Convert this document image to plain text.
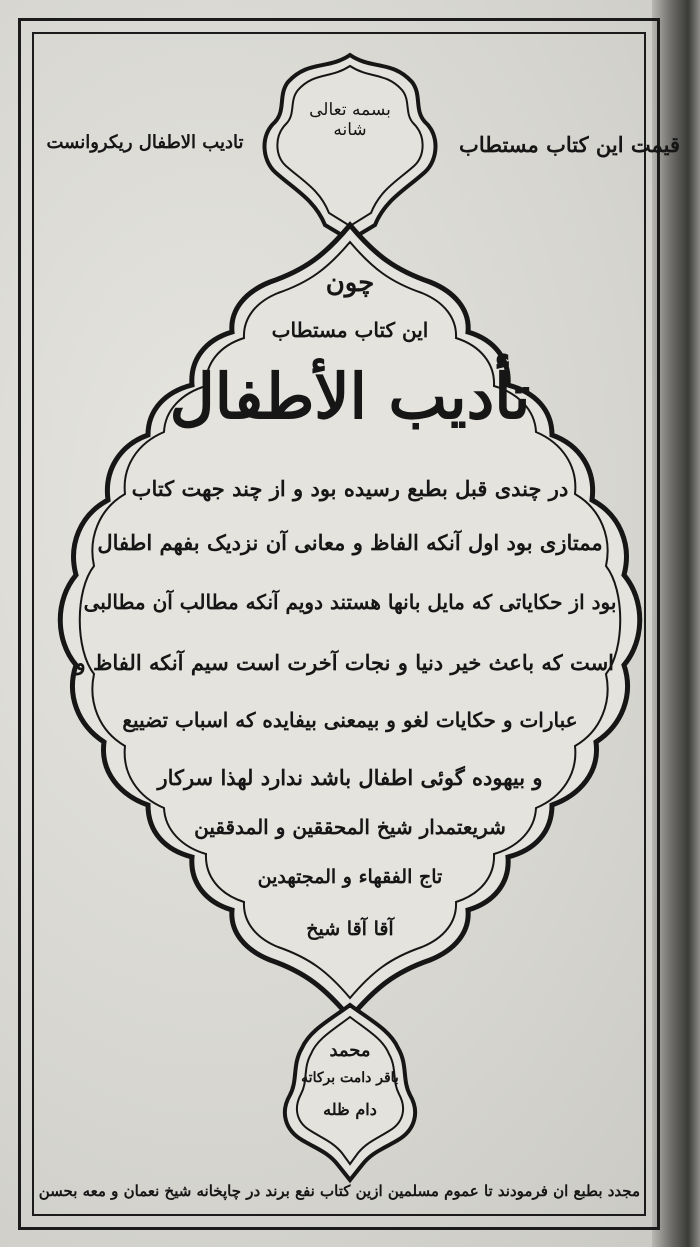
قیمت این کتاب مستطاب
تادیب الاطفال ریکروانست
بسمه تعالی شانه
چون
این کتاب مستطاب
تأدیب الأطفال
در چندی قبل بطبع رسیده بود و از چند جهت کتاب
ممتازی بود اول آنکه الفاظ و معانی آن نزدیک بفهم اطفال
بود از حکایاتی که مایل بانها هستند دویم آنکه مطالب آن مطالبی
است که باعث خیر دنیا و نجات آخرت است سیم آنکه الفاظ و
عبارات و حکایات لغو و بیمعنی بیفایده که اسباب تضییع
و بیهوده گوئی اطفال باشد ندارد لهذا سرکار
شریعتمدار شیخ المحققین و المدققین
تاج الفقهاء و المجتهدین
آقا آقا شیخ
محمد
باقر دامت برکاته
دام ظله
مجدد بطبع ان فرمودند تا عموم مسلمین ازین کتاب نفع برند در چاپخانه شیخ نعمان و معه بحسن
